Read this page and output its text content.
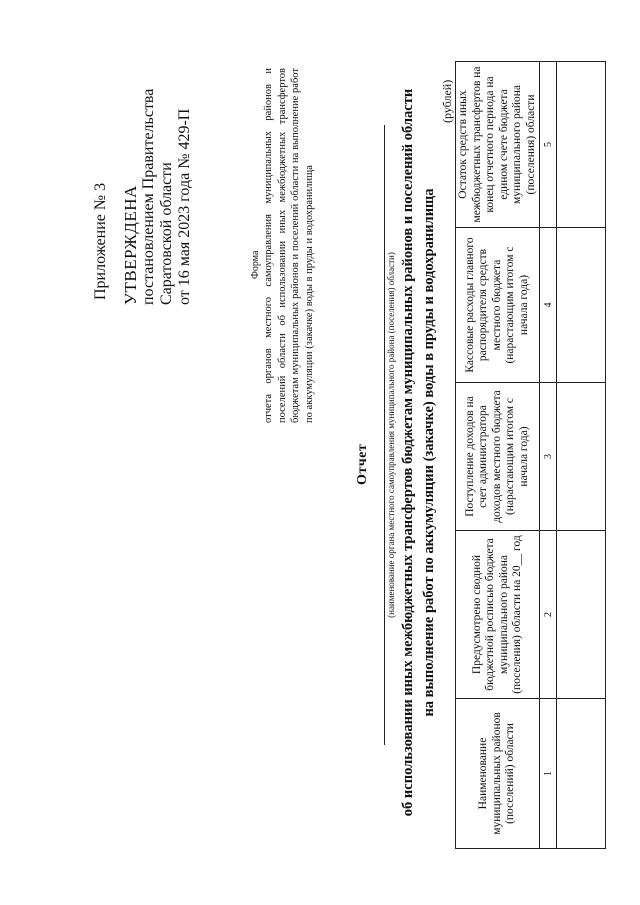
Приложение № 3 УТВЕРЖДЕНА постановлением Правительства Саратовской области от 16 мая 2023 года № 429-П	Форма отчета органов местного самоуправления муниципальных районов и поселений области об использовании иных межбюджетных трансфертов бюджетам муниципальных районов и поселений области на выполнение работ по аккумуляции (закачке) воды в пруды и водохранилища
Отчет (наименование органа местного самоуправления муниципального района (поселения) области) об использовании иных межбюджетных трансфертов бюджетам муниципальных районов и поселений области на выполнение работ по аккумуляции (закачке) воды в пруды и водохранилища
(рублей)
Наименование муниципальных районов (поселений) области	Предусмотрено сводной бюджетной росписью бюджета муниципального района (поселения) области на 20__ год	Поступление доходов на счет администратора доходов местного бюджета (нарастающим итогом с начала года)	Кассовые расходы главного распорядителя средств местного бюджета (нарастающим итогом с начала года)	Остаток средств иных межбюджетных трансфертов на конец отчетного периода на едином счете бюджета муниципального района (поселения) области
1	2	3	4	5
